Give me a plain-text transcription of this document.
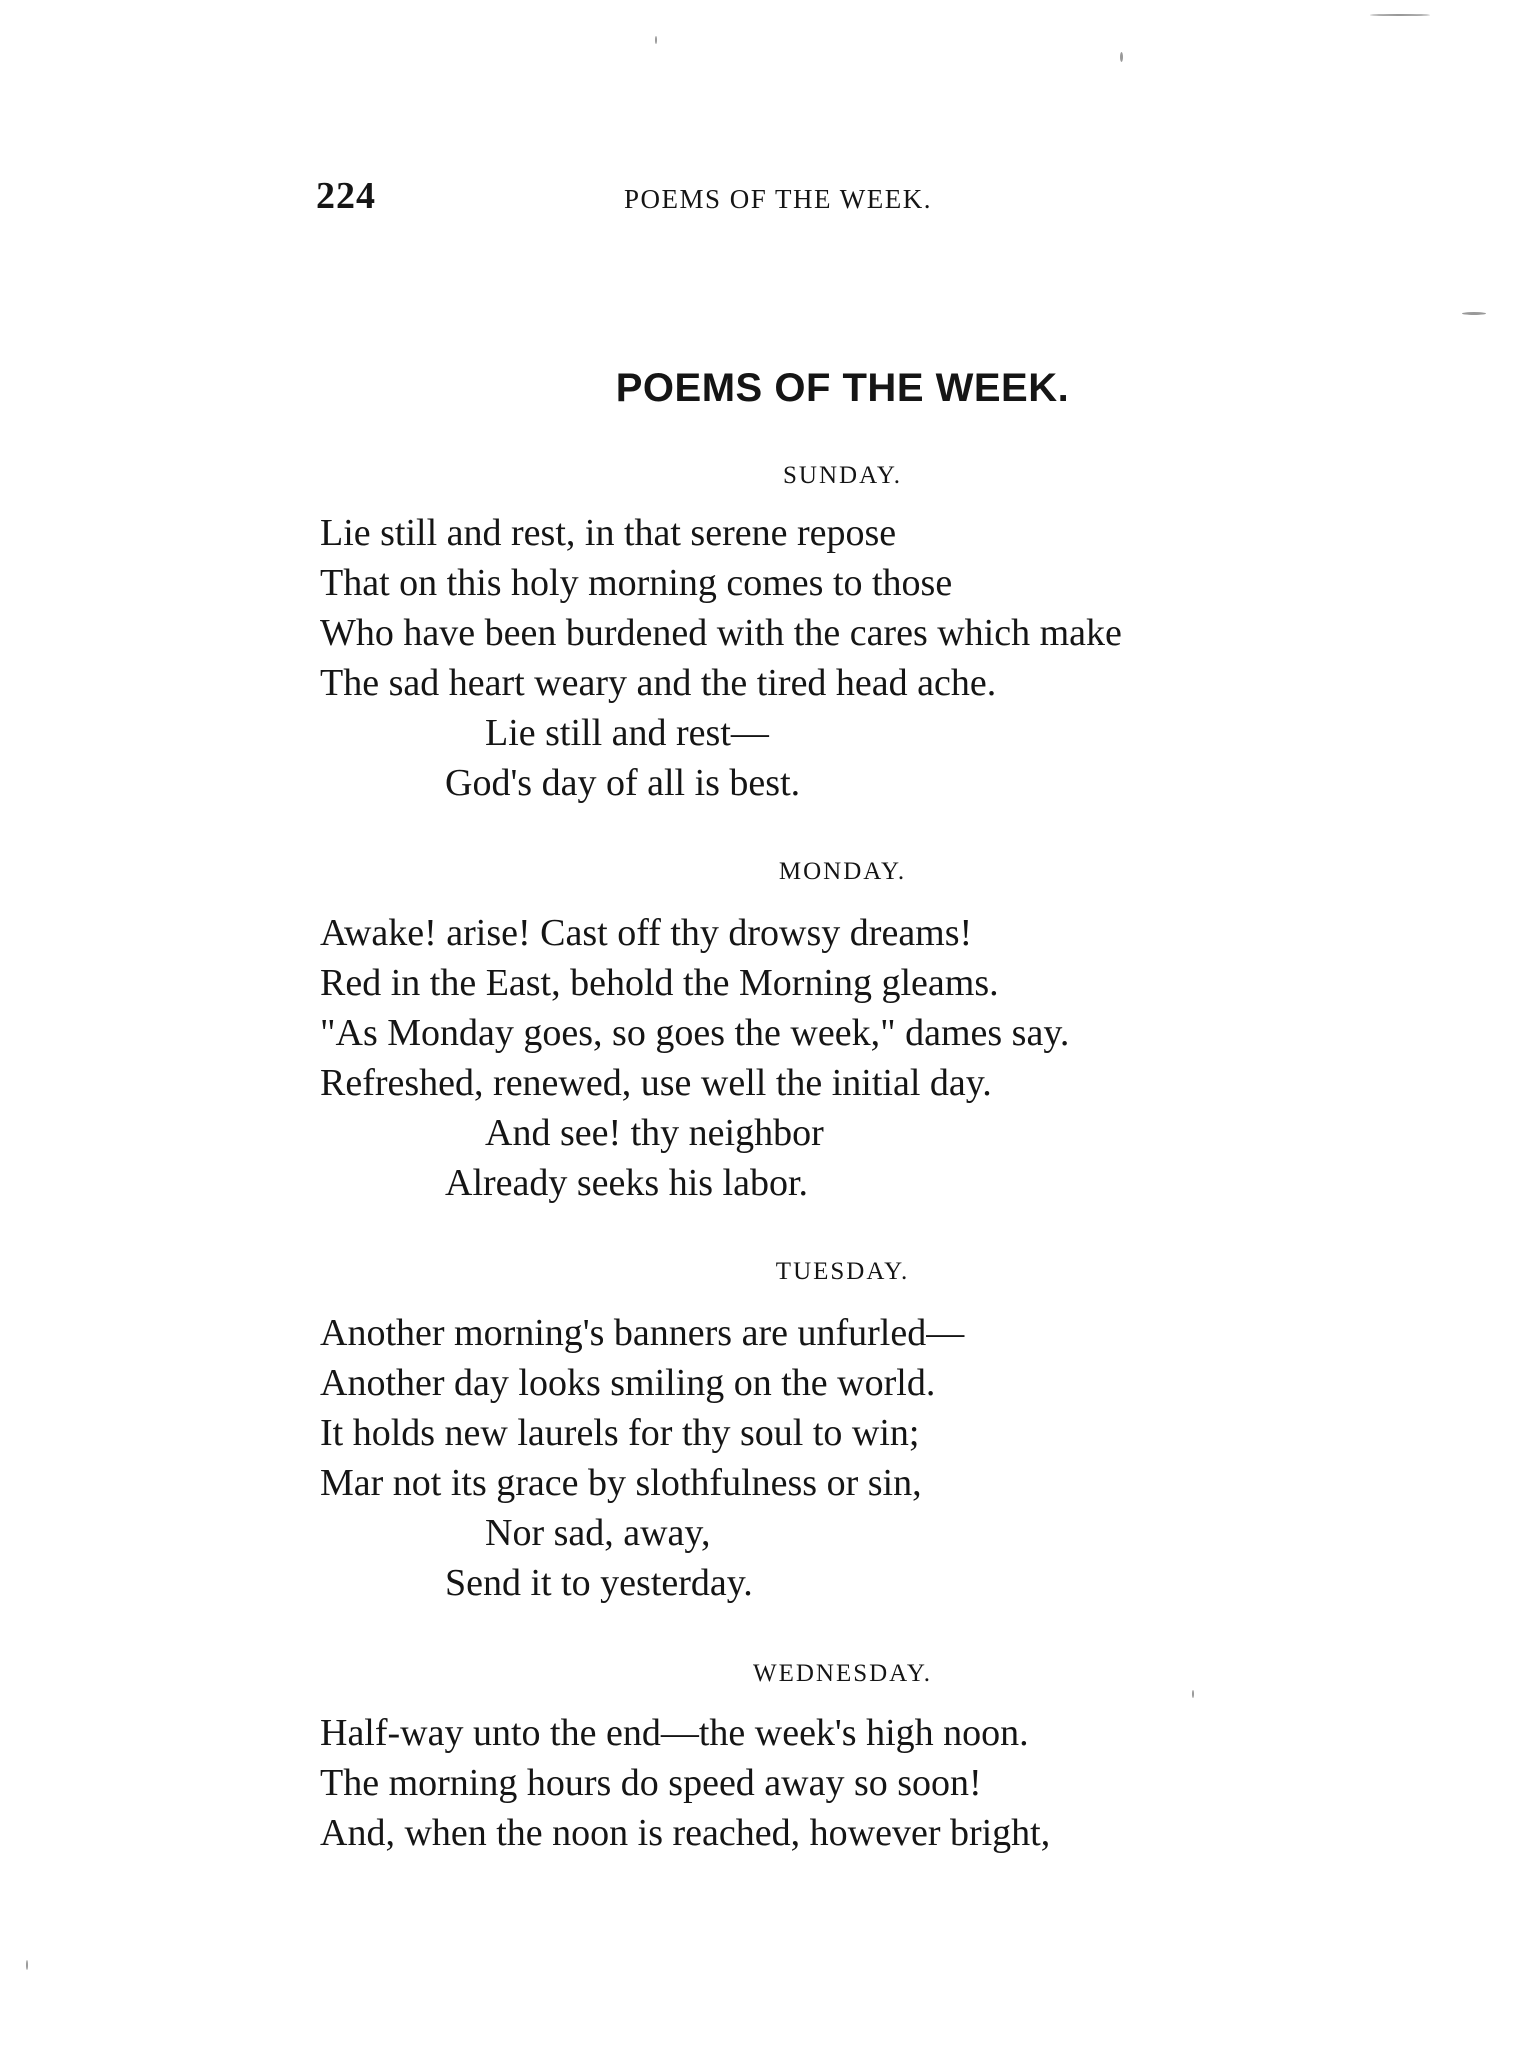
224	POEMS OF THE WEEK.
POEMS OF THE WEEK.
SUNDAY.
Lie still and rest, in that serene repose
That on this holy morning comes to those
Who have been burdened with the cares which make
The sad heart weary and the tired head ache.
Lie still and rest—
God's day of all is best.
MONDAY.
Awake! arise! Cast off thy drowsy dreams!
Red in the East, behold the Morning gleams.
"As Monday goes, so goes the week," dames say.
Refreshed, renewed, use well the initial day.
And see! thy neighbor
Already seeks his labor.
TUESDAY.
Another morning's banners are unfurled—
Another day looks smiling on the world.
It holds new laurels for thy soul to win;
Mar not its grace by slothfulness or sin,
Nor sad, away,
Send it to yesterday.
WEDNESDAY.
Half-way unto the end—the week's high noon.
The morning hours do speed away so soon!
And, when the noon is reached, however bright,
